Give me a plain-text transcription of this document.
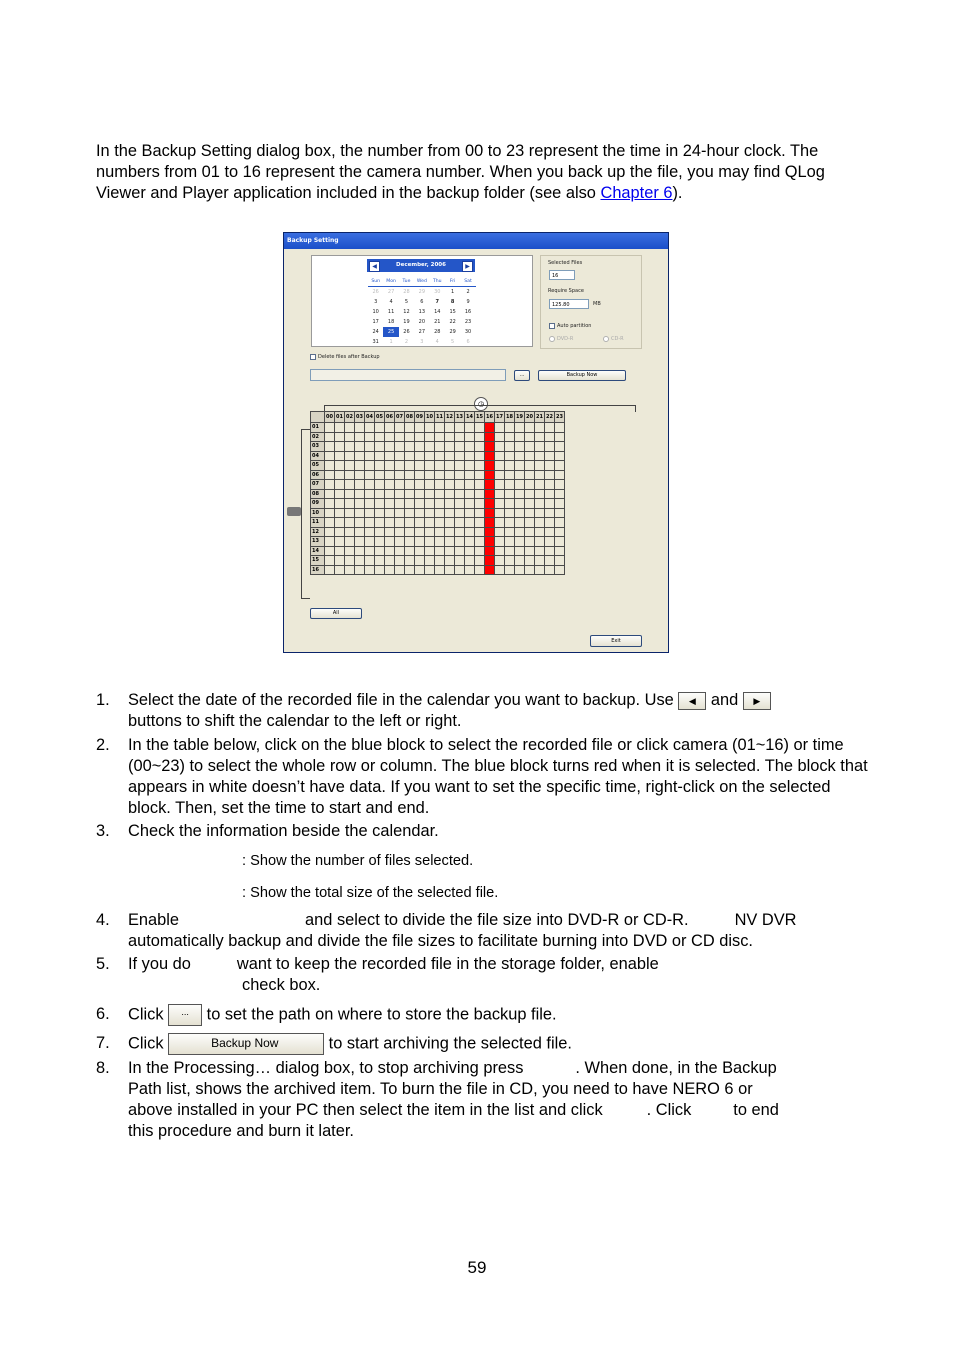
In the Backup Setting dialog box, the number from 00 to 23 represent the time in 24-hour clock. The numbers from 01 to 16 represent the camera number. When you back up the file, you may find QLog Viewer and Player application included in the backup folder (see also Chapter 6).
Backup Setting
◀	December, 2006	▶
Sun	Mon	Tue	Wed	Thu	Fri	Sat
26	27	28	29	30	1	2
3	4	5	6	7	8	9
10	11	12	13	14	15	16
17	18	19	20	21	22	23
24	25	26	27	28	29	30
31	1	2	3	4	5	6
Selected Files
16
Require Space
125.80	MB
Auto partition
DVD-R	CD-R
Delete files after Backup
...	Backup Now
◷
	00	01	02	03	04	05	06	07	08	09	10	11	12	13	14	15	16	17	18	19	20	21	22	23
01																								
02																								
03																								
04																								
05																								
06																								
07																								
08																								
09																								
10																								
11																								
12																								
13																								
14																								
15																								
16																								
All
Exit
1. Select the date of the recorded file in the calendar you want to backup. Use ◀ and ▶
buttons to shift the calendar to the left or right.
2. In the table below, click on the blue block to select the recorded file or click camera (01~16) or time (00~23) to select the whole row or column. The blue block turns red when it is selected. The block that appears in white doesn’t have data. If you want to set the specific time, right-click on the selected block. Then, set the time to start and end.
3. Check the information beside the calendar.
: Show the number of files selected.
: Show the total size of the selected file.
4. Enable	and select to divide the file size into DVD-R or CD-R.	NV DVR
automatically backup and divide the file sizes to facilitate burning into DVD or CD disc.
5. If you do	want to keep the recorded file in the storage folder, enable
check box.
6. Click ... to set the path on where to store the backup file.
7. Click	Backup Now	to start archiving the selected file.
8. In the Processing… dialog box, to stop archiving press	. When done, in the Backup
Path list, shows the archived item. To burn the file in CD, you need to have NERO 6 or
above installed in your PC then select the item in the list and click	. Click	to end
this procedure and burn it later.
59
